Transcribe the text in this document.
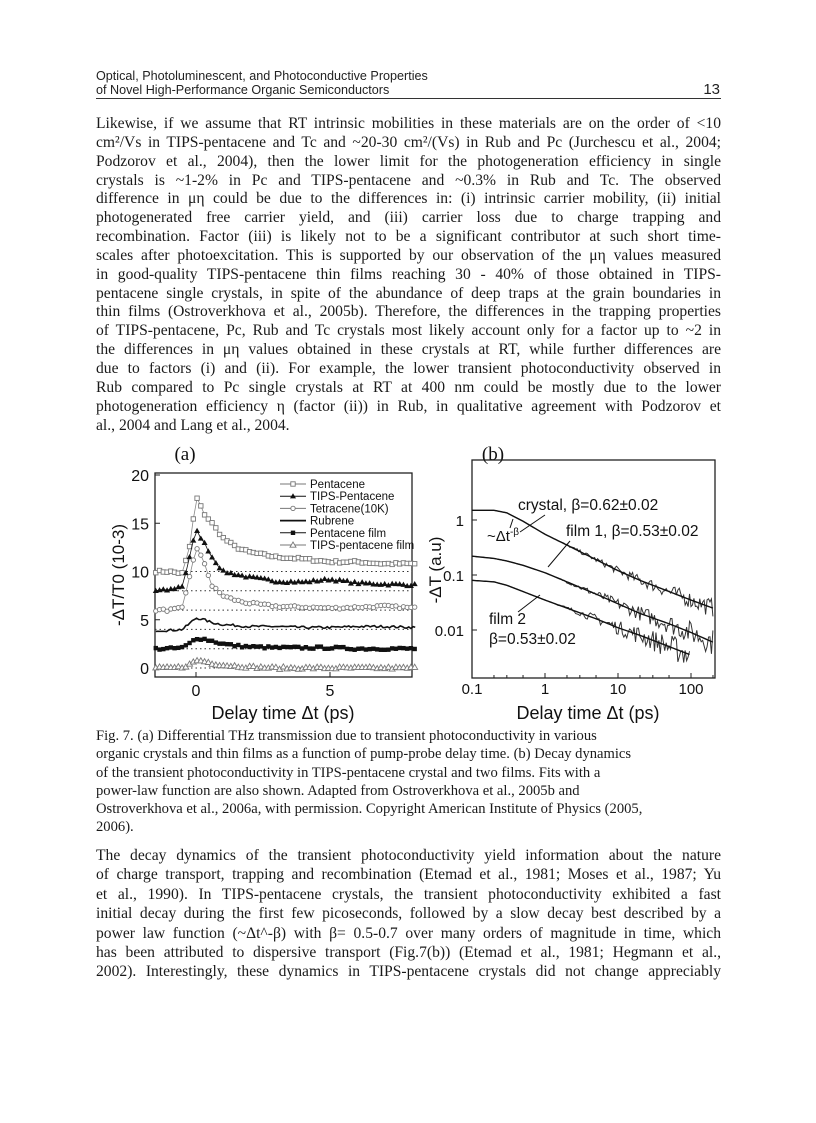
Optical, Photoluminescent, and Photoconductive Properties
of Novel High-Performance Organic Semiconductors	13
Likewise, if we assume that RT intrinsic mobilities in these materials are on the order of <10
cm²/Vs in TIPS-pentacene and Tc and ~20-30 cm²/(Vs) in Rub and Pc (Jurchescu et al., 2004;
Podzorov et al., 2004), then the lower limit for the photogeneration efficiency in single
crystals is ~1-2% in Pc and TIPS-pentacene and ~0.3% in Rub and Tc. The observed
difference in μη could be due to the differences in: (i) intrinsic carrier mobility, (ii) initial
photogenerated free carrier yield, and (iii) carrier loss due to charge trapping and
recombination. Factor (iii) is likely not to be a significant contributor at such short time-
scales after photoexcitation. This is supported by our observation of the μη values measured
in good-quality TIPS-pentacene thin films reaching 30 - 40% of those obtained in TIPS-
pentacene single crystals, in spite of the abundance of deep traps at the grain boundaries in
thin films (Ostroverkhova et al., 2005b). Therefore, the differences in the trapping properties
of TIPS-pentacene, Pc, Rub and Tc crystals most likely account only for a factor up to ~2 in
the differences in μη values obtained in these crystals at RT, while further differences are
due to factors (i) and (ii). For example, the lower transient photoconductivity observed in
Rub compared to Pc single crystals at RT at 400 nm could be mostly due to the lower
photogeneration efficiency η (factor (ii)) in Rub, in qualitative agreement with Podzorov et
al., 2004 and Lang et al., 2004.
(a)
0
5
10
15
20
0	5
Delay time Δt (ps)
-ΔT/T0 (10-3)
Pentacene
TIPS-Pentacene
Tetracene(10K)
Rubrene
Pentacene film
TIPS-pentacene film
(b)
0.01
0.1
1
0.1	1	10	100
Delay time Δt (ps)
-ΔT (a.u)
crystal, β=0.62±0.02
film 1, β=0.53±0.02
$\sim\Delta t^{-\beta}$
film 2
β=0.53±0.02
Fig. 7. (a) Differential THz transmission due to transient photoconductivity in various
organic crystals and thin films as a function of pump-probe delay time. (b) Decay dynamics
of the transient photoconductivity in TIPS-pentacene crystal and two films. Fits with a
power-law function are also shown. Adapted from Ostroverkhova et al., 2005b and
Ostroverkhova et al., 2006a, with permission. Copyright American Institute of Physics (2005,
2006).
The decay dynamics of the transient photoconductivity yield information about the nature
of charge transport, trapping and recombination (Etemad et al., 1981; Moses et al., 1987; Yu
et al., 1990). In TIPS-pentacene crystals, the transient photoconductivity exhibited a fast
initial decay during the first few picoseconds, followed by a slow decay best described by a
power law function (~Δt^-β) with β= 0.5-0.7 over many orders of magnitude in time, which
has been attributed to dispersive transport (Fig.7(b)) (Etemad et al., 1981; Hegmann et al.,
2002). Interestingly, these dynamics in TIPS-pentacene crystals did not change appreciably
